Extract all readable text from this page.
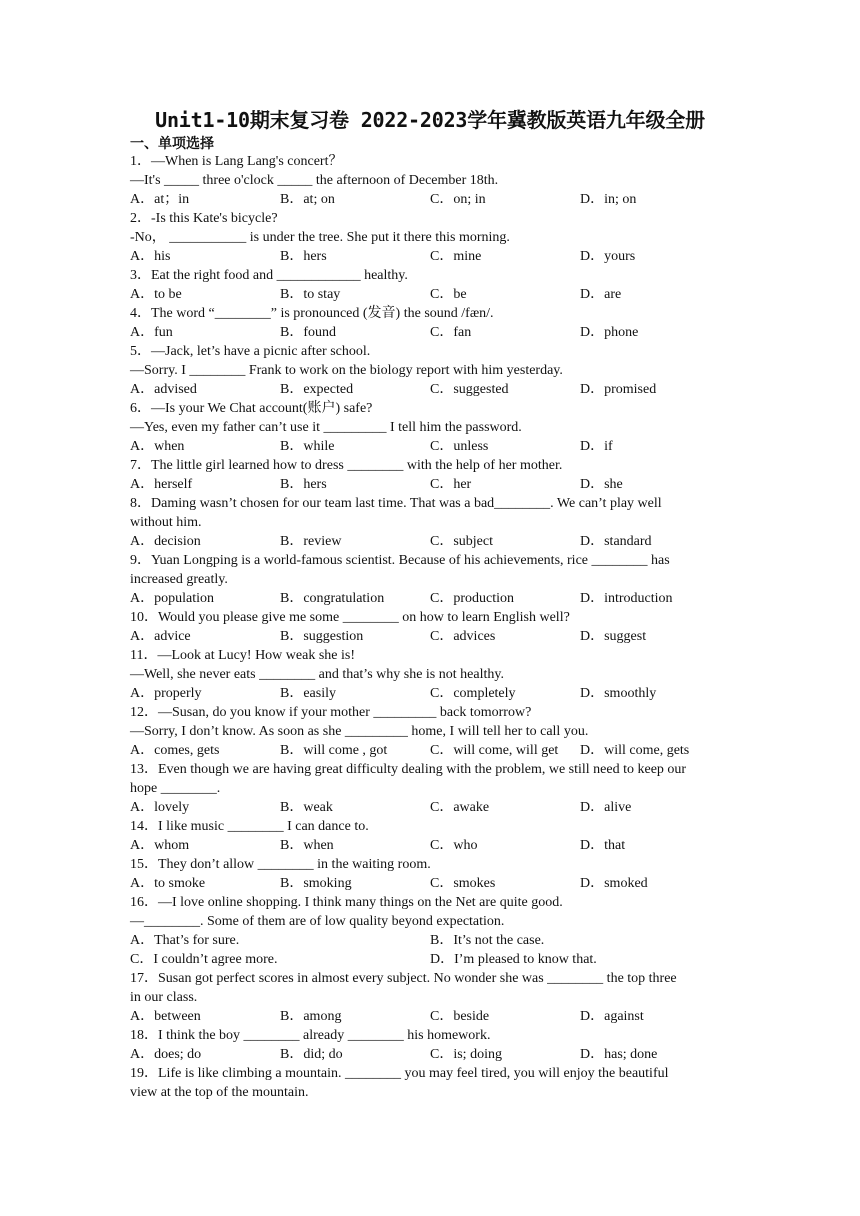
Unit1-10期末复习卷 2022-2023学年冀教版英语九年级全册
一、单项选择
1．—When is Lang Lang's concert？
—It's _____ three o'clock _____ the afternoon of December 18th.
A．at；in	B．at; on	C．on; in	D．in; on
2．-Is this Kate's bicycle?
-No， ___________ is under the tree. She put it there this morning.
A．his	B．hers	C．mine	D．yours
3．Eat the right food and ____________ healthy.
A．to be	B．to stay	C．be	D．are
4．The word “________” is pronounced (发音) the sound /fæn/.
A．fun	B．found	C．fan	D．phone
5．—Jack, let’s have a picnic after school.
—Sorry. I ________ Frank to work on the biology report with him yesterday.
A．advised	B．expected	C．suggested	D．promised
6．—Is your We Chat account(账户) safe?
—Yes, even my father can’t use it _________ I tell him the password.
A．when	B．while	C．unless	D．if
7．The little girl learned how to dress ________ with the help of her mother.
A．herself	B．hers	C．her	D．she
8．Daming wasn’t chosen for our team last time. That was a bad________. We can’t play well
without him.
A．decision	B．review	C．subject	D．standard
9．Yuan Longping is a world-famous scientist. Because of his achievements, rice ________ has
increased greatly.
A．population	B．congratulation	C．production	D．introduction
10．Would you please give me some ________ on how to learn English well?
A．advice	B．suggestion	C．advices	D．suggest
11．—Look at Lucy! How weak she is!
—Well, she never eats ________ and that’s why she is not healthy.
A．properly	B．easily	C．completely	D．smoothly
12．—Susan, do you know if your mother _________ back tomorrow?
—Sorry, I don’t know. As soon as she _________ home, I will tell her to call you.
A．comes, gets	B．will come , got	C．will come, will get D．will come, gets
13．Even though we are having great difficulty dealing with the problem, we still need to keep our
hope ________.
A．lovely	B．weak	C．awake	D．alive
14．I like music ________ I can dance to.
A．whom	B．when	C．who	D．that
15．They don’t allow ________ in the waiting room.
A．to smoke	B．smoking	C．smokes	D．smoked
16．—I love online shopping. I think many things on the Net are quite good.
—________. Some of them are of low quality beyond expectation.
A．That’s for sure.	B．It’s not the case.
C．I couldn’t agree more.	D．I’m pleased to know that.
17．Susan got perfect scores in almost every subject. No wonder she was ________ the top three
in our class.
A．between	B．among	C．beside	D．against
18．I think the boy ________ already ________ his homework.
A．does; do	B．did; do	C．is; doing	D．has; done
19．Life is like climbing a mountain. ________ you may feel tired, you will enjoy the beautiful
view at the top of the mountain.
